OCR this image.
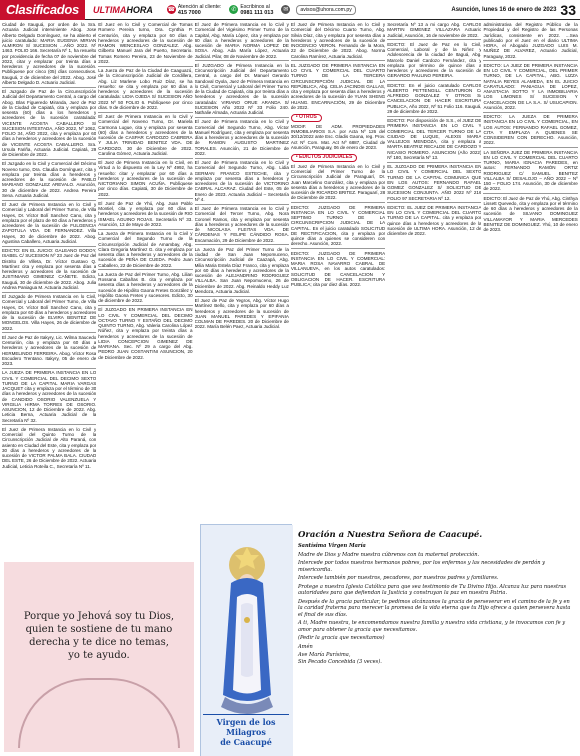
Clasificados	ULTIMAHORA ☎
Atención al cliente:
415 7000	✆
Escribinos al
0981 111 013	✉	avisos@uhora.com.py	Asunción, lunes 16 de enero de 2023 33

Ciudad de Itauguá, por orden de la Sra. Actuaria Judicial interviniente Abog. Jose Alberto Delgado Domínguez, se ha abierto el juicio caratulado: MARIA EUGENIA MIRIAN ALMIRON S/ SUCESION ...AÑO 2022. Nº 1463. FOLIO 166. Secretaría Nº 1, ha resuelto por providencia de fecha 07 de noviembre del 2022, citar y emplazar por treinta días a herederos y acreedores de la sucesión. Publíquese por cinco (05) días consecutivos. Itauguá, 2 de diciembre del 2022. Abog. José Alberto Delgado D. Actuario Judicial.

El Juzgado de Paz de la Circunscripción Judicial del Departamento Central, a cargo del Abog. Blas Figueredo Miranda, Juez de Paz de la Ciudad de Capiatá, cita y emplaza por sesenta (60) días a los herederos y acreedores de la sucesión caratulada: VICENTE ACOSTA CABALLERO S/ SUCESION INTESTADA, AÑO 2022, Nº 1062, FOLIO 34, AÑO 2022, cita y emplaza por 60 días a herederos y acreedores de la sucesión de VICENTE ACOSTA CABALLERO. Sra. Ursula Fariña, Actuaria Judicial. Capiatá, 29 de Diciembre de 2022.

El Juzgado en lo Civil y Comercial del Décimo Noveno turno, Dra. Claudia Domínguez, cita y emplaza por treinta días a herederos y acreedores de la sucesión de PABLO MARIANO GONZALEZ AREVALO. Asunción, 30 de diciembre de 2022. Andrea Pereira Sena. Actuaria Judicial.

El Juez de Primera Instancia en lo Civil y Comercial y Laboral del Primer Turno, de Villa Hayes, Dr. Víctor Bolí Sanchez Cano, cita y emplaza por el plazo de 60 días a herederos y acreedores de la sucesión de FULGENCIA ZAPOTULA VDA. DE FERNANDEZ. Villa Hayes, 30 de diciembre de 2022. Abog. Agustina Caballero, Actuaria Judicial.

EDICTO: EN EL JUICIO: GALEANO GODOY, ISABEL C/ SUCESION Nº 23 Juez de Paz del Distrito de Villeta, Dr. Víctor Gustavo Q. Martínez cita y emplaza por sesenta días a herederos y acreedores de la sucesión de JUSTINIANO GIMENEZ CAÑETE. Edicto, Itauguá, 30 de diciembre de 2022. Abog. Julia Andrea Paniagua M. Actuaria Judicial.

El Juzgado de Primera Instancia en lo Civil, Comercial y Laboral del Primer Turno, de Villa Hayes, Dr. Víctor Bolí Sanchez Cano, cita y emplaza por 60 días a herederos y acreedores de la sucesión de ELVIRA BENITEZ DE MONGELOS. Villa Hayes, 26 de diciembre de 2022.

El Juez de Paz de Itakyry, Lic. Wilma Saucedo Centurión, cita y emplaza por 60 días a herederos y acreedores de la sucesión de HERMELINDO FERREIRA. Abog. Víctor Rosa Escudero Trentano. Itakyry, 05 de enero de 2023.

LA JUEZA DE PRIMERA INSTANCIA EN LO CIVIL Y COMERCIAL DEL DECIMO SEXTO TURNO DE LA CAPITAL MARIA VARGAS JACQUET cita y emplaza por el término de 30 días a herederos y acreedores de la sucesión de CANDIDO OSORIO VALENZUELA Y VIRGILIA HIRMA TORRES DE OSORIO. ASUNCION, 12 de Diciembre de 2022. Abg. Leticia Berna, Actuaria Judicial de la Secretaría Nº 32.

El Juez de Primera Instancia en lo Civil y Comercial del Quinto Turno de la Circunscripción Judicial de Alto Paraná, con asiento en Ciudad del Este, cita y emplaza por 30 días a herederos y acreedores de la sucesión de VICTOR PALMA BALA. CIUDAD DEL ESTE, 26 de Diciembre de 2022. Actuaria Judicial, Leticia Roteila C., Secretaría Nº 11.

El Juez en lo Civil y Comercial de Tomas Romero Pereira turno, Dra. Cynthia P. Centurión, cita y emplaza por 60 días a herederos y acreedores de la sucesión de RAMON WENCESLAO GONZALEZ. Abg. Gilberto Manuel Jara del Puerto, Secretario. Tomas Romero Pereira, 23 de Noviembre de 2022.

La Jueza de Paz de la Ciudad de Caaguazú, de la Circunscripción Judicial de Cordillera, Abg. Liz Marlene Lobo Ruiz Díaz, se ha resuelto: se cita y emplaza por 60 días a herederos y acreedores de la sucesión caratulada: LIDIA OJEDA S/ SUCESION AÑO 2022 Nº 50 FOLIO 6. Publíquese por cinco días. 9 de diciembre de 2022.

El Juez de Primera Instancia en lo Civil y Comercial del Noveno Turno, Dr. Mariela Carmona Lugue, cita y emplaza por sesenta (60) días a herederos y acreedores de la sucesión de CASPAR CARDOZO CABRERA Y JULIA TRINIDAD BENITEZ VDA. DE CARDOZO. 30 de Diciembre de 2022. Carolina Gómez, Actuaria Judicial.

El Juez de Primera Instancia en lo Civil, en Virtud a lo dispuesto en la Ley Nº 4992, ha resuelto: citar y emplazar por 60 días a herederos y acreedores de la sucesión de NICTORIANO SIMON ACUÑA. Publíquese por cinco días. Capiatá, 30 de Diciembre de 2022.

El Juez de Paz de Yhú, Abg. Juan Pablo Montiel, cita y emplaza por 60 días a herederos y acreedores de la sucesión de RIO ISMAEL AGUINO ROJAS. Secretaría Nº 33. Asunción, 13 de Mayo de 2022.

La Jueza de Primera Instancia en lo Civil y Comercial del Segundo Turno de la Circunscripción Judicial de Amambay, Abg. Clara Gregoria Martínez G. cita y emplaza por sesenta días a herederos y acreedores de la sucesión de PEÑA DE CUEDA. Pedro Juan Caballero, 22 de Diciembre de 2022.

La Jueza de Paz del Primer Turno, Abg. Lilian Rossana Cabañas B. cita y emplaza por sesenta días a herederos y acreedores de la sucesión de Hipólito Gaona Fretes González y Hipólito Gaona Fretes y sucesores. Edicto, 30 de diciembre de 2022.

El JUZGADO EN PRIMERA INSTANCIA EN LO CIVIL Y COMERCIAL DEL DECIMO OCTAVO TURNO Y ESTAÑO DEL DECIMO QUINTO TURNO, Abg. Valeria Carolina López Núñez, cita y emplaza por treinta días a herederos y acreedores de la sucesión de LIDIA CONCEPCION GIMENEZ DE MARIANA. Sec. Nº 29 a cargo del Abg. PEDRO JUAN COSTANTINI ASUNCION, 20 de Diciembre de 2022.

El Juez de Primera Instancia en lo Civil y Comercial del Vigésimo Primer Turno de la Capital, Abg. María López, cita y emplaza por 60 días a herederos y acreedores de la sucesión de MARIA NORMA LOPEZ DE SOSA. Abog. Ada María López, Actuaria Judicial. Pilar, 08 de Noviembre de 2022.

El JUZGADO de Primera Instancia en la Circunscripción Judicial del Departamento Central, a cargo del Dr. Manuel Gerardo Sandoval Oyola, Juez de Primera Instancia en lo Civil, Comercial y Laboral del Primer Turno de la Ciudad de Capiatá, cita por treinta días a herederos y acreedores de la sucesión caratulada: VIRIANO ORUE ARANDA S/ SUCESION Año 2022 Nº 33 Folio 240. Nathalie Almada, Actuaria Judicial.

El Juez de Primera Instancia en lo Civil y Comercial del Segundo Turno, Abg. Víctor Manuel Rodríguez, cita y emplaza por sesenta días a herederos y acreedores de la sucesión de RAMON AUGUSTO MARTINEZ TORALES. Asunción, 21 de Diciembre de 2022.

El Juez de Primera Instancia en lo Civil y Comercial del Segundo Turno, Abg. Lidia GERMAN FRANCO ESTECHE, cita y emplaza por sesenta días a herederos y acreedores de la sucesión de VICTORINO CABRAL ALCARAZ. Ciudad del Este, 05 de Enero de 2023. Actuaria Judicial – Secretaría Nº 4.

El Juez de Primera Instancia en lo Civil y Comercial del Tercer Turno, Abg. Nora Coronel Ramos, cita y emplaza por sesenta días a herederos y acreedores de la sucesión de NICOLASA FLEITAS VDA. DE CÁRDENAS Y FELIPE CÁNDIDO ROSA. Encarnación, 29 de Diciembre de 2022.

La Jueza de Paz del Primer Turno de la ciudad de San Juan Nepomuceno, Circunscripción Judicial de Caazapá, Abg. Milia Maria Estela Díaz Franco, cita y emplaza por 60 días a herederos y acreedores de la sucesión de ALEJANDRINO RODRIGUEZ VILLALBA. San Juan Nepomuceno, 26 de Diciembre de 2022. Abg. Reinaldo Heddy Luz Mendoza, Actuaria Judicial.

El Juez de Paz de Yegros, Abg. Víctor Hugo Martínez Bello, cita y emplaza por 60 días a herederos y acreedores de la sucesión de JUAN MANUEL PAREDES Y EPIFANIA COLMAN DE PAREDES. 20 de Diciembre de 2022. María Belén Paez, Actuaria Judicial.

El Juez de Primera Instancia en lo Civil y Comercial del Décimo Cuarto Turno, Abg. Silvia Díaz, cita y emplaza por sesenta días a herederos y acreedores de la sucesión de INOCENCIO VERON. Fernando de la Mora, 22 de Diciembre de 2022. Abog. Norma Carolina Ramírez, Actuaria Judicial.

EL JUZGADO DE PRIMERA INSTANCIA EN LO CIVIL Y COMERCIAL DEL CUARTO TURNO DE LA TERCERA CIRCUNSCRIPCIÓN JUDICIAL DE LA REPÚBLICA, Abg. CELIA JACINDIS GALLAS, cita y emplaza por sesenta días a herederos y acreedores de la sucesión de YUAN SHENG HUANG. ENCARNACIÓN, 29 de Diciembre de 2022.

• OTROS

MODIF. DE ADM. PROPIEDADES INMOBILIARIOS S.A. por Acta Nº 126 del 30/12/2022 ante Esc. Gladis Gaona, reg. Prov. Act Nº Com. Mat. Act Nº 6887, Ciudad de Asunción, Paraguay, 06 de enero de 2023.

• EDICTOS JUDICIALES

El Juez de Primera Instancia en lo Civil y Comercial del Primer Turno de la Circunscripción Judicial de Paraguarí, Dr. Juan Marcelino González, cita y emplaza por sesenta días a herederos y acreedores de la sucesión de RICARDO BRITEZ. Paraguarí, 28 de Diciembre de 2022.

EDICTO: JUZGADO DE PRIMERA INSTANCIA EN LO CIVIL Y COMERCIAL SEPTIMO TURNO DE LA CIRCUNSCRIPCION JUDICIAL DE LA CAPITAL. En el juicio caratulado SOLICITUD DE RECTIFICACION, cita y emplaza por quince días a quienes se consideren con derecho. Asunción, 2022.

EDICTO: JUZGADO DE PRIMERA INSTANCIA EN LO CIVIL Y COMERCIAL: MARIA ROSA NAVARRO CABRAL DE VILLANUEVA, en los autos caratulados: SOLICITUD DE CANCELACION Y OBLIGACION DE HACER. ESCRITURA PUBLICA; cita por diez días. 2022.

Secretaría Nº 13 a mi cargo Abg. CARLOS MARTIN GIMENEZ VILLAZARA Actuario Judicial, Asunción, 16 de noviembre de 2022.

EDICTO: El Juez de Paz en lo Civil, Comercial, Laboral y de la Niñez y Adolescencia de la ciudad de Itaguá, Abg. Marcelo Daniel Cardozo Fernández, cita y emplaza por término de quince días a herederos y acreedores de la sucesión de GERARDO PAULINO PEREIRA.

EDICTO: En el juicio caratulado CARLOS ALBERTO PETTENGILL CENTURION C/ ALFREDO GONZALEZ Y OTROS S/ CANCELACION DE HACER ESCRITURA PUBLICA, Año 2022, Nº 51 Folio 116. Itauguá, 29 de diciembre de 2022.

EDICTO: Por disposición de S.S., el JUEZ DE PRIMERA INSTANCIA EN LO CIVIL Y COMERCIAL DEL TERCER TURNO DE LA CIUDAD DE LUQUE, ALEXIS MARIA VALLEJOS MENDOZA, cita y emplaza a MARTA BEATRIZ RECALDE DE CARDOZO Y NICASIO ROMERO. ASUNCION (Año 2022) Nº 180, Secretaría Nº 13.

EL JUZGADO DE PRIMERA INSTANCIA EN LO CIVIL Y COMERCIAL DEL SEXTO TURNO DE LA CAPITAL COMUNICA QUE EN LOS AUTOS: FERNANDO RAFAEL GOMEZ GONZALEZ S/ SOLICITUD DE SUCESION CONJUNTA. AÑO 2022 Nº 216 FOLIO 97 SECRETARIA Nº 12.

EDICTO: EL JUEZ DE PRIMERA INSTANCIA EN LO CIVIL Y COMERCIAL DEL CUARTO TURNO DE LA CAPITAL. cita y emplaza por quince días a herederos y acreedores de la sucesión de ULTIMA HORA. Asunción, 12 de diciembre de 2022.

administrativa del Registro Público de la Propiedad y del Registro de las Personas Jurídicas, consistente en 2022. ...Sea publicado por el Juez en el diario ULTIMA HORA, el Abogado JUZGADO LUIS M. NUÑEZ DE ALVAREZ, Actuario Judicial, Paraguay, 2022.

EDICTO: LA JUEZ DE PRIMERA INSTANCIA EN LO CIVIL Y COMERCIAL, DEL PRIMER TURNO, DE LA CAPITAL, ABG. LIZZA NATALIA REYES ALAMEDA, EN EL JUICIO CARATULADO: PANIAGUA DE LOPEZ, ANASTACIA SOTTO Y LA INMOBILIARIA LOS LIMONES S/ SUCESION Y CANCELACION DE LA S.A. S/ USUCAPION. Asunción, 2022.

EDICTO: LA JUEZA DE PRIMERA INSTANCIA EN LO CIVIL Y COMERCIAL, EN LOS AUTOS: FERNANDO RAFAEL GOMEZ, CITA Y EMPLAZA A QUIENES SE CONSIDEREN CON DERECHO. Asunción, 2022.

LA SEÑORA JUEZ DE PRIMERA INSTANCIA EN LO CIVIL Y COMERCIAL DEL CUARTO TURNO, MARIA IGNACIA PAREDES, en autos: FERNANDO RAMÓN ORTIZ RODRIGUEZ C/ SAMUEL BENITEZ VILLALBA S/ DESALOJO – AÑO 2022 – Nº 150 – FOLIO 174. Asunción, 30 de diciembre de 2022.

EDICTO: El Juez de Paz de Yhú, Abg. Cinthya Lissett Quevedo, cita y emplaza por el término de 60 días a herederos y acreedores de la sucesión de SILVANO DOMINGUEZ VILLAMAYOR Y MARIA MERCEDES BENITEZ DE DOMINGUEZ. Yhú, 10 de enero de 2023.

Porque yo Jehová soy tu Dios,
quien te sostiene de tu mano
derecha y te dice no temas,
yo te ayudo.
Virgen de los Milagros
de Caacupé
Oración a Nuestra Señora de Caacupé.

Santísima Virgen María

Madre de Dios y Madre nuestra cúbrenos con tu maternal protección.

Intercede por todos nuestros hermanos pobres, por los enfermos y las necesidades de perdón y misericordia.

Intercede también por nuestros, pecadores, por nuestros padres y familiares.

Protege a nuestra Iglesia Católica para que sea testimonio de Tu Divino Hijo. Alcanza luz para nuestras autoridades para que defiendan la Justicia y construyan la paz en nuestra Patria.

Después de la gracia particular, te pedimos alcánzanos la gracia de perseverar en el camino de la fe y en la caridad fraterna para merecer la promesa de la vida eterna que tu Hijo ofrece a quien persevera hasta el final de sus días.

A ti, Madre nuestra, te encomendamos nuestra familia y nuestra vida cristiana, y te invocamos con fe y amor para obtener la gracia que necesitamos.

(Pedir la gracia que necesitamos)

Amén

Ave María Purísima,

Sin Pecado Concebida (3 veces).
